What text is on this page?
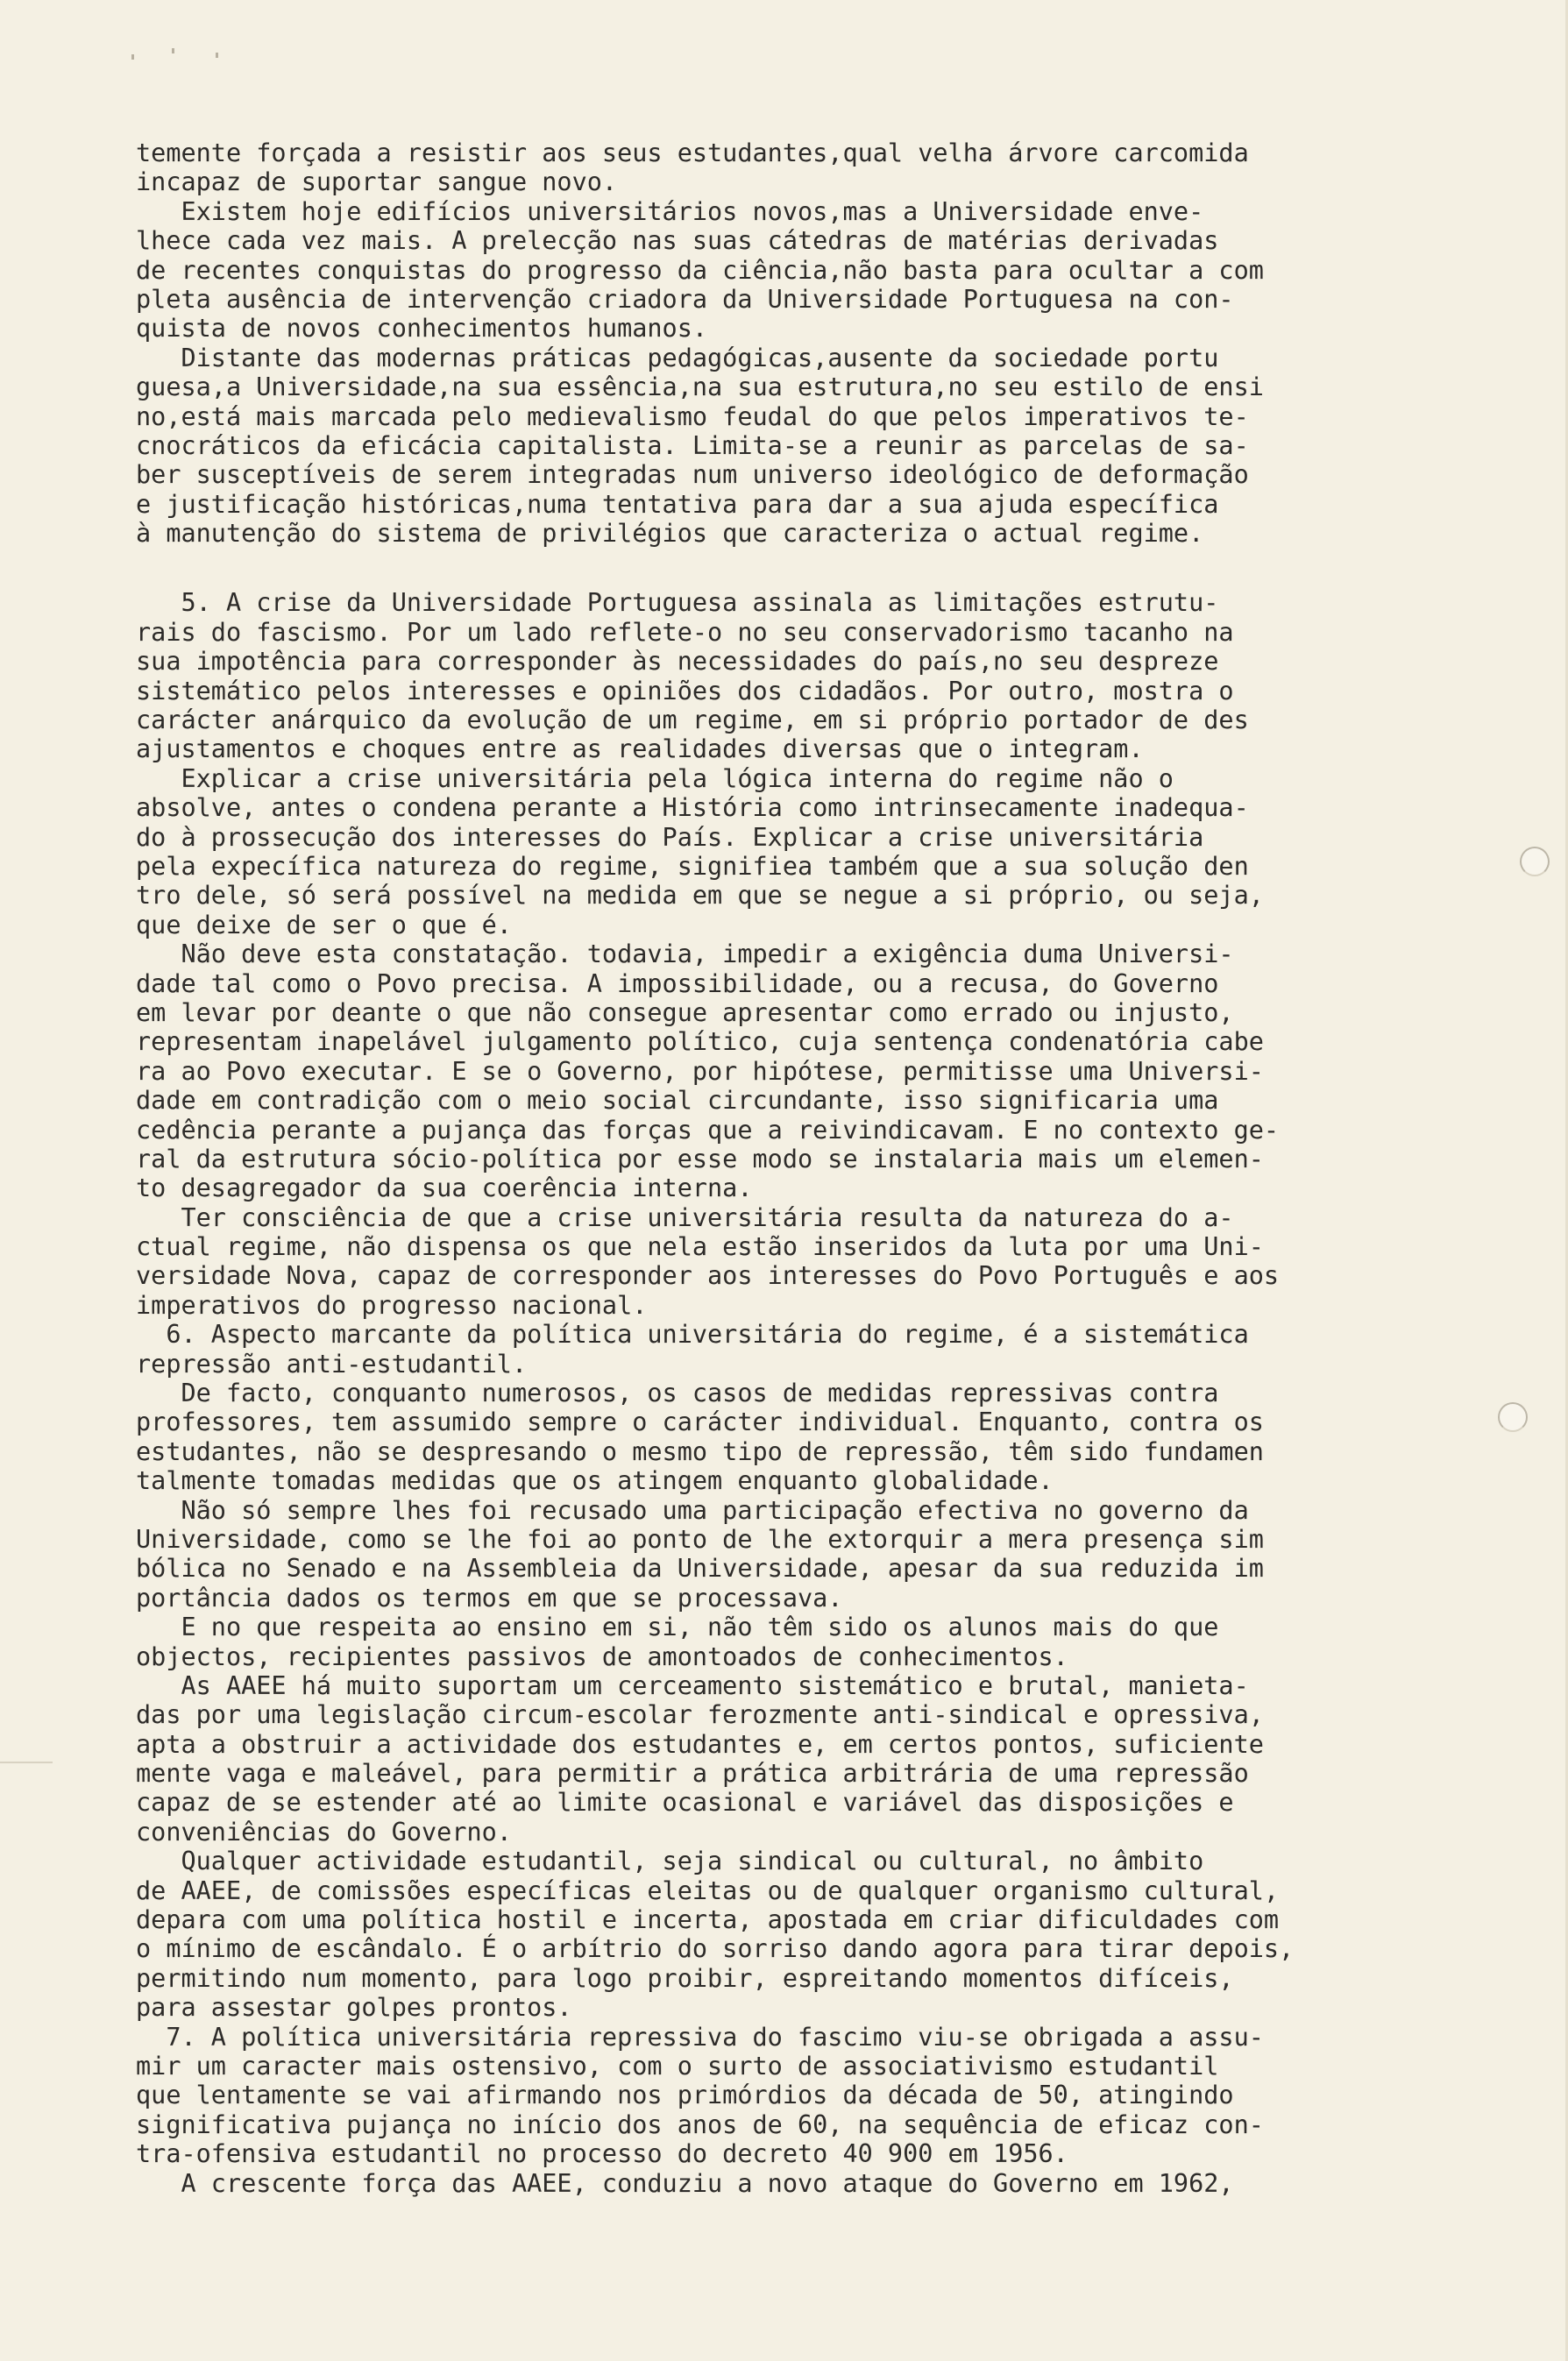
temente forçada a resistir aos seus estudantes,qual velha árvore carcomida
incapaz de suportar sangue novo.
Existem hoje edifícios universitários novos,mas a Universidade enve-
lhece cada vez mais. A prelecção nas suas cátedras de matérias derivadas
de recentes conquistas do progresso da ciência,não basta para ocultar a com
pleta ausência de intervenção criadora da Universidade Portuguesa na con-
quista de novos conhecimentos humanos.
Distante das modernas práticas pedagógicas,ausente da sociedade portu
guesa,a Universidade,na sua essência,na sua estrutura,no seu estilo de ensi
no,está mais marcada pelo medievalismo feudal do que pelos imperativos te-
cnocráticos da eficácia capitalista. Limita-se a reunir as parcelas de sa-
ber susceptíveis de serem integradas num universo ideológico de deformação
e justificação históricas,numa tentativa para dar a sua ajuda específica
à manutenção do sistema de privilégios que caracteriza o actual regime.
5. A crise da Universidade Portuguesa assinala as limitações estrutu-
rais do fascismo. Por um lado reflete-o no seu conservadorismo tacanho na
sua impotência para corresponder às necessidades do país,no seu despreze
sistemático pelos interesses e opiniões dos cidadãos. Por outro, mostra o
carácter anárquico da evolução de um regime, em si próprio portador de des
ajustamentos e choques entre as realidades diversas que o integram.
Explicar a crise universitária pela lógica interna do regime não o
absolve, antes o condena perante a História como intrinsecamente inadequa-
do à prossecução dos interesses do País. Explicar a crise universitária
pela expecífica natureza do regime, signifiea também que a sua solução den
tro dele, só será possível na medida em que se negue a si próprio, ou seja,
que deixe de ser o que é.
Não deve esta constatação. todavia, impedir a exigência duma Universi-
dade tal como o Povo precisa. A impossibilidade, ou a recusa, do Governo
em levar por deante o que não consegue apresentar como errado ou injusto,
representam inapelável julgamento político, cuja sentença condenatória cabe
ra ao Povo executar. E se o Governo, por hipótese, permitisse uma Universi-
dade em contradição com o meio social circundante, isso significaria uma
cedência perante a pujança das forças que a reivindicavam. E no contexto ge-
ral da estrutura sócio-política por esse modo se instalaria mais um elemen-
to desagregador da sua coerência interna.
Ter consciência de que a crise universitária resulta da natureza do a-
ctual regime, não dispensa os que nela estão inseridos da luta por uma Uni-
versidade Nova, capaz de corresponder aos interesses do Povo Português e aos
imperativos do progresso nacional.
6. Aspecto marcante da política universitária do regime, é a sistemática
repressão anti-estudantil.
De facto, conquanto numerosos, os casos de medidas repressivas contra
professores, tem assumido sempre o carácter individual. Enquanto, contra os
estudantes, não se despresando o mesmo tipo de repressão, têm sido fundamen
talmente tomadas medidas que os atingem enquanto globalidade.
Não só sempre lhes foi recusado uma participação efectiva no governo da
Universidade, como se lhe foi ao ponto de lhe extorquir a mera presença sim
bólica no Senado e na Assembleia da Universidade, apesar da sua reduzida im
portância dados os termos em que se processava.
E no que respeita ao ensino em si, não têm sido os alunos mais do que
objectos, recipientes passivos de amontoados de conhecimentos.
As AAEE há muito suportam um cerceamento sistemático e brutal, manieta-
das por uma legislação circum-escolar ferozmente anti-sindical e opressiva,
apta a obstruir a actividade dos estudantes e, em certos pontos, suficiente
mente vaga e maleável, para permitir a prática arbitrária de uma repressão
capaz de se estender até ao limite ocasional e variável das disposições e
conveniências do Governo.
Qualquer actividade estudantil, seja sindical ou cultural, no âmbito
de AAEE, de comissões específicas eleitas ou de qualquer organismo cultural,
depara com uma política hostil e incerta, apostada em criar dificuldades com
o mínimo de escândalo. É o arbítrio do sorriso dando agora para tirar depois,
permitindo num momento, para logo proibir, espreitando momentos difíceis,
para assestar golpes prontos.
7. A política universitária repressiva do fascimo viu-se obrigada a assu-
mir um caracter mais ostensivo, com o surto de associativismo estudantil
que lentamente se vai afirmando nos primórdios da década de 50, atingindo
significativa pujança no início dos anos de 60, na sequência de eficaz con-
tra-ofensiva estudantil no processo do decreto 40 900 em 1956.
A crescente força das AAEE, conduziu a novo ataque do Governo em 1962,
